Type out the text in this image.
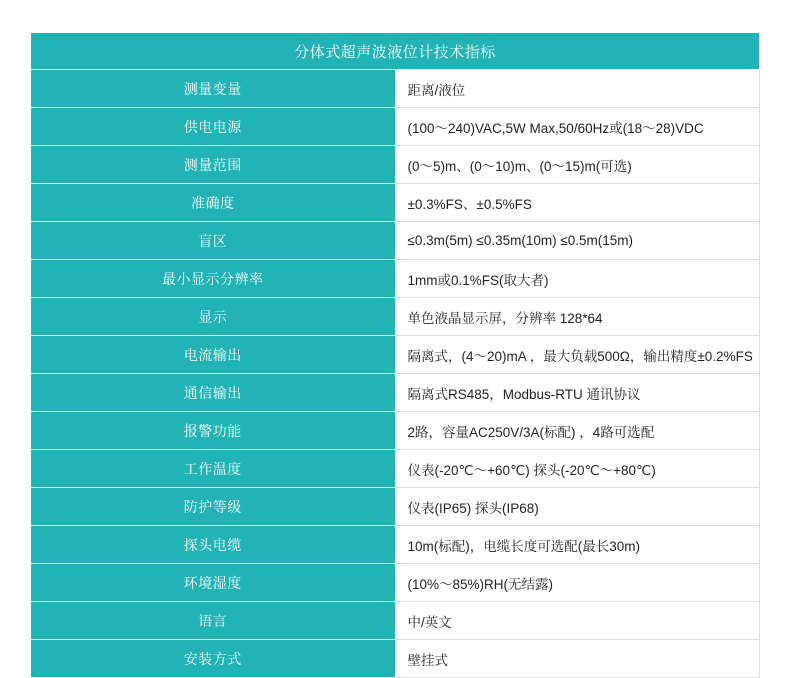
分体式超声波液位计技术指标	
测量变量	距离/液位
供电电源	(100～240)VAC,5W Max,50/60Hz或(18～28)VDC
测量范围	(0～5)m、(0～10)m、(0～15)m(可选)
准确度	±0.3%FS、±0.5%FS
盲区	≤0.3m(5m) ≤0.35m(10m) ≤0.5m(15m)
最小显示分辨率	1mm或0.1%FS(取大者)
显示	单色液晶显示屏，分辨率 128*64
电流输出	隔离式，(4～20)mA ，最大负载500Ω，输出精度±0.2%FS
通信输出	隔离式RS485，Modbus-RTU 通讯协议
报警功能	2路，容量AC250V/3A(标配) ，4路可选配
工作温度	仪表(-20℃～+60℃) 探头(-20℃～+80℃)
防护等级	仪表(IP65) 探头(IP68)
探头电缆	10m(标配)，电缆长度可选配(最长30m)
环境湿度	(10%～85%)RH(无结露)
语言	中/英文
安装方式	壁挂式
